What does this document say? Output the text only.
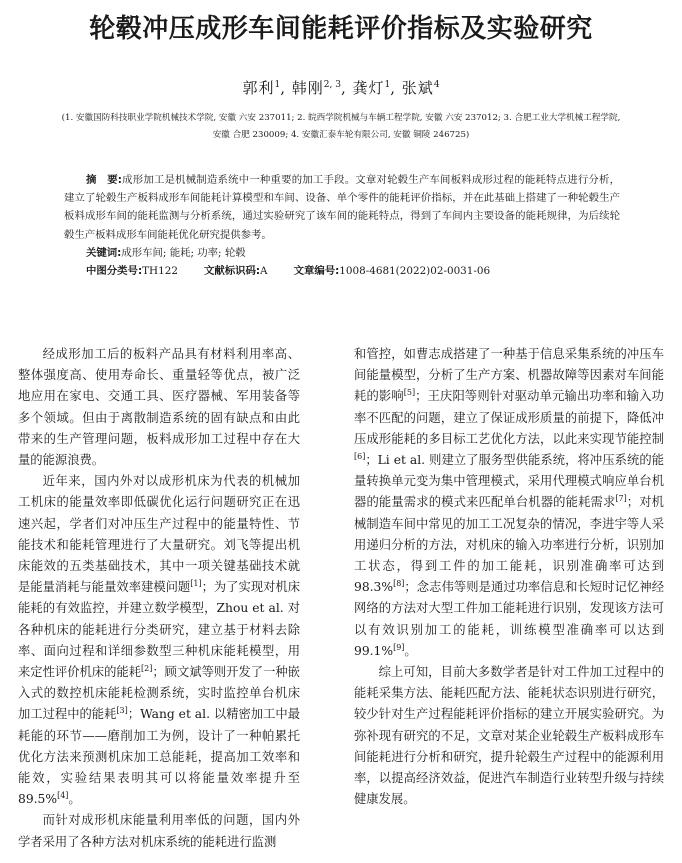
轮毂冲压成形车间能耗评价指标及实验研究
郭利$^1$, 韩刚$^{2, 3}$, 龚灯$^1$, 张斌$^4$
(1. 安徽国防科技职业学院机械技术学院, 安徽 六安 237011; 2. 皖西学院机械与车辆工程学院, 安徽 六安 237012; 3. 合肥工业大学机械工程学院,
安徽 合肥 230009; 4. 安徽汇泰车轮有限公司, 安徽 铜陵 246725)

摘　要:成形加工是机械制造系统中一种重要的加工手段。文章对轮毂生产车间板料成形过程的能耗特点进行分析，建立了轮毂生产板料成形车间能耗计算模型和车间、设备、单个零件的能耗评价指标，并在此基础上搭建了一种轮毂生产板料成形车间的能耗监测与分析系统，通过实验研究了该车间的能耗特点，得到了车间内主要设备的能耗规律，为后续轮毂生产板料成形车间能耗优化研究提供参考。

关键词:成形车间; 能耗; 功率; 轮毂

中图分类号:TH122	文献标识码:A	文章编号:1008-4681(2022)02-0031-06

经成形加工后的板料产品具有材料利用率高、整体强度高、使用寿命长、重量轻等优点，被广泛地应用在家电、交通工具、医疗器械、军用装备等多个领域。但由于离散制造系统的固有缺点和由此带来的生产管理问题，板料成形加工过程中存在大量的能源浪费。

近年来，国内外对以成形机床为代表的机械加工机床的能量效率即低碳优化运行问题研究正在迅速兴起，学者们对冲压生产过程中的能量特性、节能技术和能耗管理进行了大量研究。刘飞等提出机床能效的五类基础技术，其中一项关键基础技术就是能量消耗与能量效率建模问题[1]；为了实现对机床能耗的有效监控，并建立数学模型，Zhou et al. 对各种机床的能耗进行分类研究，建立基于材料去除率、面向过程和详细参数型三种机床能耗模型，用来定性评价机床的能耗[2]；顾文斌等则开发了一种嵌入式的数控机床能耗检测系统，实时监控单台机床加工过程中的能耗[3]；Wang et al. 以精密加工中最耗能的环节——磨削加工为例，设计了一种帕累托优化方法来预测机床加工总能耗，提高加工效率和能效，实验结果表明其可以将能量效率提升至 89.5%[4]。

而针对成形机床能量利用率低的问题，国内外学者采用了各种方法对机床系统的能耗进行监测

和管控，如曹志成搭建了一种基于信息采集系统的冲压车间能量模型，分析了生产方案、机器故障等因素对车间能耗的影响[5]；王庆阳等则针对驱动单元输出功率和输入功率不匹配的问题，建立了保证成形质量的前提下，降低冲压成形能耗的多目标工艺优化方法，以此来实现节能控制[6]；Li et al. 则建立了服务型供能系统，将冲压系统的能量转换单元变为集中管理模式，采用代理模式响应单台机器的能量需求的模式来匹配单台机器的能耗需求[7]；对机械制造车间中常见的加工工况复杂的情况，李进宇等人采用递归分析的方法，对机床的输入功率进行分析，识别加工状态，得到工件的加工能耗，识别准确率可达到 98.3%[8]；念志伟等则是通过功率信息和长短时记忆神经网络的方法对大型工件加工能耗进行识别，发现该方法可以有效识别加工的能耗，训练模型准确率可以达到 99.1%[9]。

综上可知，目前大多数学者是针对工件加工过程中的能耗采集方法、能耗匹配方法、能耗状态识别进行研究，较少针对生产过程能耗评价指标的建立开展实验研究。为弥补现有研究的不足，文章对某企业轮毂生产板料成形车间能耗进行分析和研究，提升轮毂生产过程中的能源利用率，以提高经济效益，促进汽车制造行业转型升级与持续健康发展。
